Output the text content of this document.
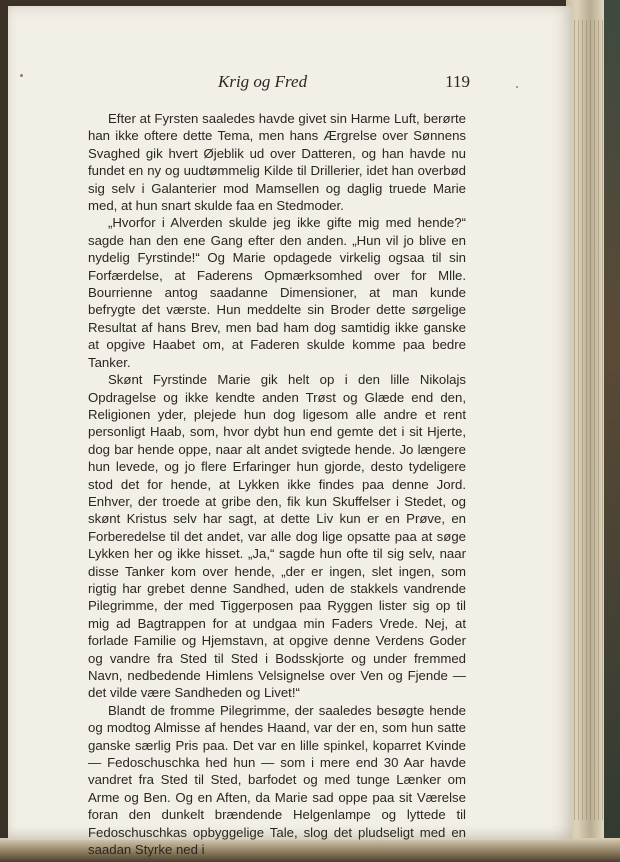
Krig og Fred	119

Efter at Fyrsten saaledes havde givet sin Harme Luft, berørte han ikke oftere dette Tema, men hans Ærgrelse over Sønnens Svaghed gik hvert Øjeblik ud over Datteren, og han havde nu fundet en ny og uudtømmelig Kilde til Drillerier, idet han overbød sig selv i Galanterier mod Mamsellen og daglig truede Marie med, at hun snart skulde faa en Stedmoder.

„Hvorfor i Alverden skulde jeg ikke gifte mig med hende?“ sagde han den ene Gang efter den anden. „Hun vil jo blive en nydelig Fyrstinde!“ Og Marie opdagede virkelig ogsaa til sin Forfærdelse, at Faderens Opmærksomhed over for Mlle. Bourrienne antog saadanne Dimensioner, at man kunde befrygte det værste. Hun meddelte sin Broder dette sørgelige Resultat af hans Brev, men bad ham dog samtidig ikke ganske at opgive Haabet om, at Faderen skulde komme paa bedre Tanker.

Skønt Fyrstinde Marie gik helt op i den lille Nikolajs Opdragelse og ikke kendte anden Trøst og Glæde end den, Religionen yder, plejede hun dog ligesom alle andre et rent personligt Haab, som, hvor dybt hun end gemte det i sit Hjerte, dog bar hende oppe, naar alt andet svigtede hende. Jo længere hun levede, og jo flere Erfaringer hun gjorde, desto tydeligere stod det for hende, at Lykken ikke findes paa denne Jord. Enhver, der troede at gribe den, fik kun Skuffelser i Stedet, og skønt Kristus selv har sagt, at dette Liv kun er en Prøve, en Forberedelse til det andet, var alle dog lige opsatte paa at søge Lykken her og ikke hisset. „Ja,“ sagde hun ofte til sig selv, naar disse Tanker kom over hende, „der er ingen, slet ingen, som rigtig har grebet denne Sandhed, uden de stakkels vandrende Pilegrimme, der med Tiggerposen paa Ryggen lister sig op til mig ad Bagtrappen for at undgaa min Faders Vrede. Nej, at forlade Familie og Hjemstavn, at opgive denne Verdens Goder og vandre fra Sted til Sted i Bodsskjorte og under fremmed Navn, nedbedende Himlens Velsignelse over Ven og Fjende — det vilde være Sandheden og Livet!“

Blandt de fromme Pilegrimme, der saaledes besøgte hende og modtog Almisse af hendes Haand, var der en, som hun satte ganske særlig Pris paa. Det var en lille spinkel, koparret Kvinde — Fedoschuschka hed hun — som i mere end 30 Aar havde vandret fra Sted til Sted, barfodet og med tunge Lænker om Arme og Ben. Og en Aften, da Marie sad oppe paa sit Værelse foran den dunkelt brændende Helgenlampe og lyttede til Fedoschuschkas opbyggelige Tale, slog det pludseligt med en saadan Styrke ned i
